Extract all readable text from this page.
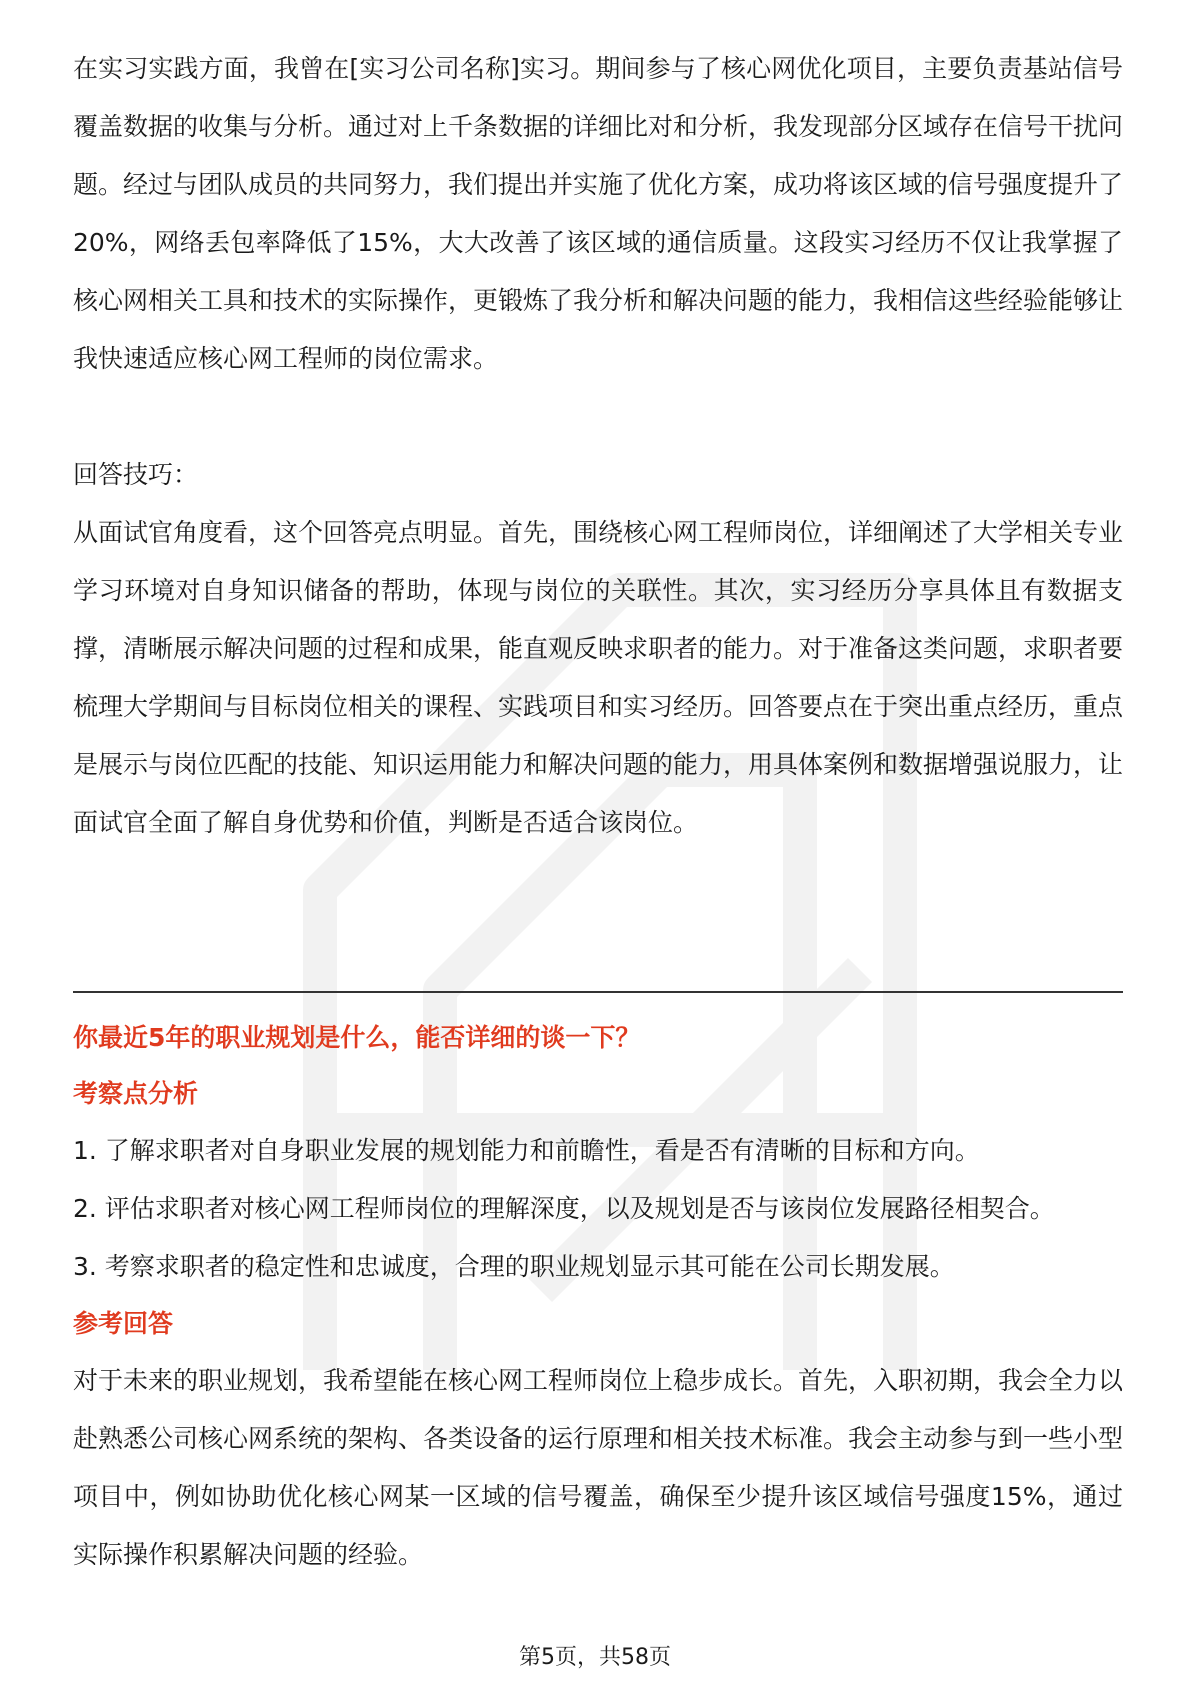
在实习实践方面，我曾在[实习公司名称]实习。期间参与了核心网优化项目，主要负责基站信号覆盖数据的收集与分析。通过对上千条数据的详细比对和分析，我发现部分区域存在信号干扰问题。经过与团队成员的共同努力，我们提出并实施了优化方案，成功将该区域的信号强度提升了20%，网络丢包率降低了15%，大大改善了该区域的通信质量。这段实习经历不仅让我掌握了核心网相关工具和技术的实际操作，更锻炼了我分析和解决问题的能力，我相信这些经验能够让我快速适应核心网工程师的岗位需求。

回答技巧：

从面试官角度看，这个回答亮点明显。首先，围绕核心网工程师岗位，详细阐述了大学相关专业学习环境对自身知识储备的帮助，体现与岗位的关联性。其次，实习经历分享具体且有数据支撑，清晰展示解决问题的过程和成果，能直观反映求职者的能力。对于准备这类问题，求职者要梳理大学期间与目标岗位相关的课程、实践项目和实习经历。回答要点在于突出重点经历，重点是展示与岗位匹配的技能、知识运用能力和解决问题的能力，用具体案例和数据增强说服力，让面试官全面了解自身优势和价值，判断是否适合该岗位。

你最近5年的职业规划是什么，能否详细的谈一下？

考察点分析

1. 了解求职者对自身职业发展的规划能力和前瞻性，看是否有清晰的目标和方向。

2. 评估求职者对核心网工程师岗位的理解深度，以及规划是否与该岗位发展路径相契合。

3. 考察求职者的稳定性和忠诚度，合理的职业规划显示其可能在公司长期发展。

参考回答

对于未来的职业规划，我希望能在核心网工程师岗位上稳步成长。首先，入职初期，我会全力以赴熟悉公司核心网系统的架构、各类设备的运行原理和相关技术标准。我会主动参与到一些小型项目中，例如协助优化核心网某一区域的信号覆盖，确保至少提升该区域信号强度15%，通过实际操作积累解决问题的经验。

第5页，共58页
